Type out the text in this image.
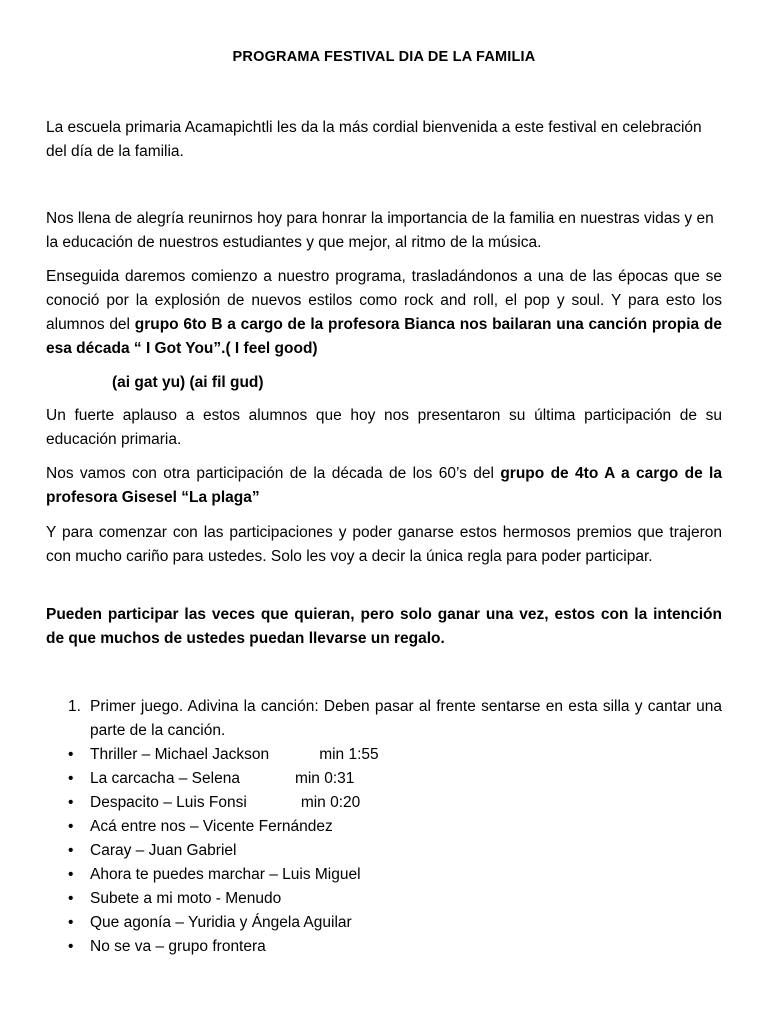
PROGRAMA FESTIVAL DIA DE LA FAMILIA

La escuela primaria Acamapichtli les da la más cordial bienvenida a este festival en celebración del día de la familia.

Nos llena de alegría reunirnos hoy para honrar la importancia de la familia en nuestras vidas y en la educación de nuestros estudiantes y que mejor, al ritmo de la música.

Enseguida daremos comienzo a nuestro programa, trasladándonos a una de las épocas que se conoció por la explosión de nuevos estilos como rock and roll, el pop y soul. Y para esto los alumnos del grupo 6to B a cargo de la profesora Bianca nos bailaran una canción propia de esa década “ I Got You”.( I feel good)

(ai gat yu) (ai fil gud)

Un fuerte aplauso a estos alumnos que hoy nos presentaron su última participación de su educación primaria.

Nos vamos con otra participación de la década de los 60’s del grupo de 4to A a cargo de la profesora Gisesel “La plaga”

Y para comenzar con las participaciones y poder ganarse estos hermosos premios que trajeron con mucho cariño para ustedes. Solo les voy a decir la única regla para poder participar.

Pueden participar las veces que quieran, pero solo ganar una vez, estos con la intención de que muchos de ustedes puedan llevarse un regalo.

1. Primer juego. Adivina la canción: Deben pasar al frente sentarse en esta silla y cantar una parte de la canción.
• Thriller – Michael Jackson	min 1:55
• La carcacha – Selena	min 0:31
• Despacito – Luis Fonsi	min 0:20
• Acá entre nos – Vicente Fernández
• Caray – Juan Gabriel
• Ahora te puedes marchar – Luis Miguel
• Subete a mi moto - Menudo
• Que agonía – Yuridia y Ángela Aguilar
• No se va – grupo frontera
